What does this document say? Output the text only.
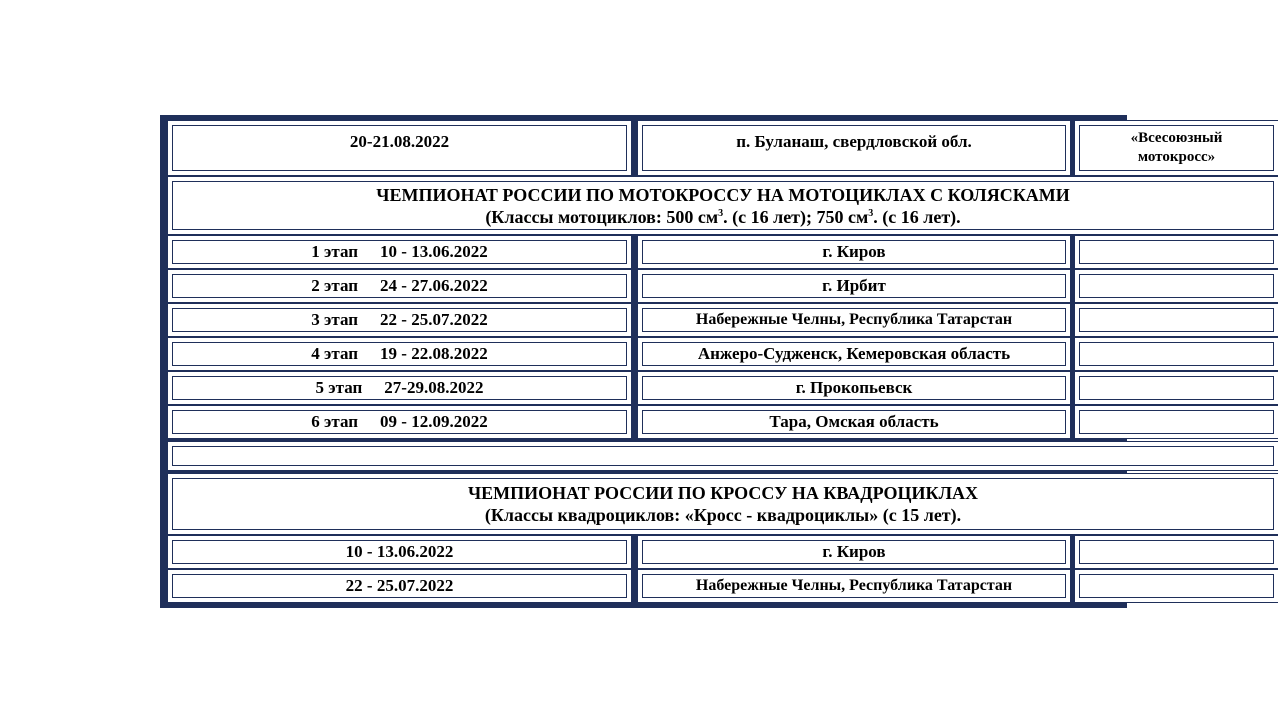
20-21.08.2022	п. Буланаш, свердловской обл.	«Всесоюзный мотокросс»
ЧЕМПИОНАТ РОССИИ ПО МОТОКРОССУ НА МОТОЦИКЛАХ С КОЛЯСКАМИ
(Классы мотоциклов: 500 $см^3$. (с 16 лет); 750 $см^3$. (с 16 лет).
1 этап 10 - 13.06.2022	г. Киров
2 этап 24 - 27.06.2022	г. Ирбит
3 этап 22 - 25.07.2022	Набережные Челны, Республика Татарстан
4 этап 19 - 22.08.2022	Анжеро-Судженск, Кемеровская область
5 этап 27-29.08.2022	г. Прокопьевск
6 этап 09 - 12.09.2022	Тара, Омская область
ЧЕМПИОНАТ РОССИИ ПО КРОССУ НА КВАДРОЦИКЛАХ
(Классы квадроциклов: «Кросс - квадроциклы» (с 15 лет).
10 - 13.06.2022	г. Киров
22 - 25.07.2022	Набережные Челны, Республика Татарстан
